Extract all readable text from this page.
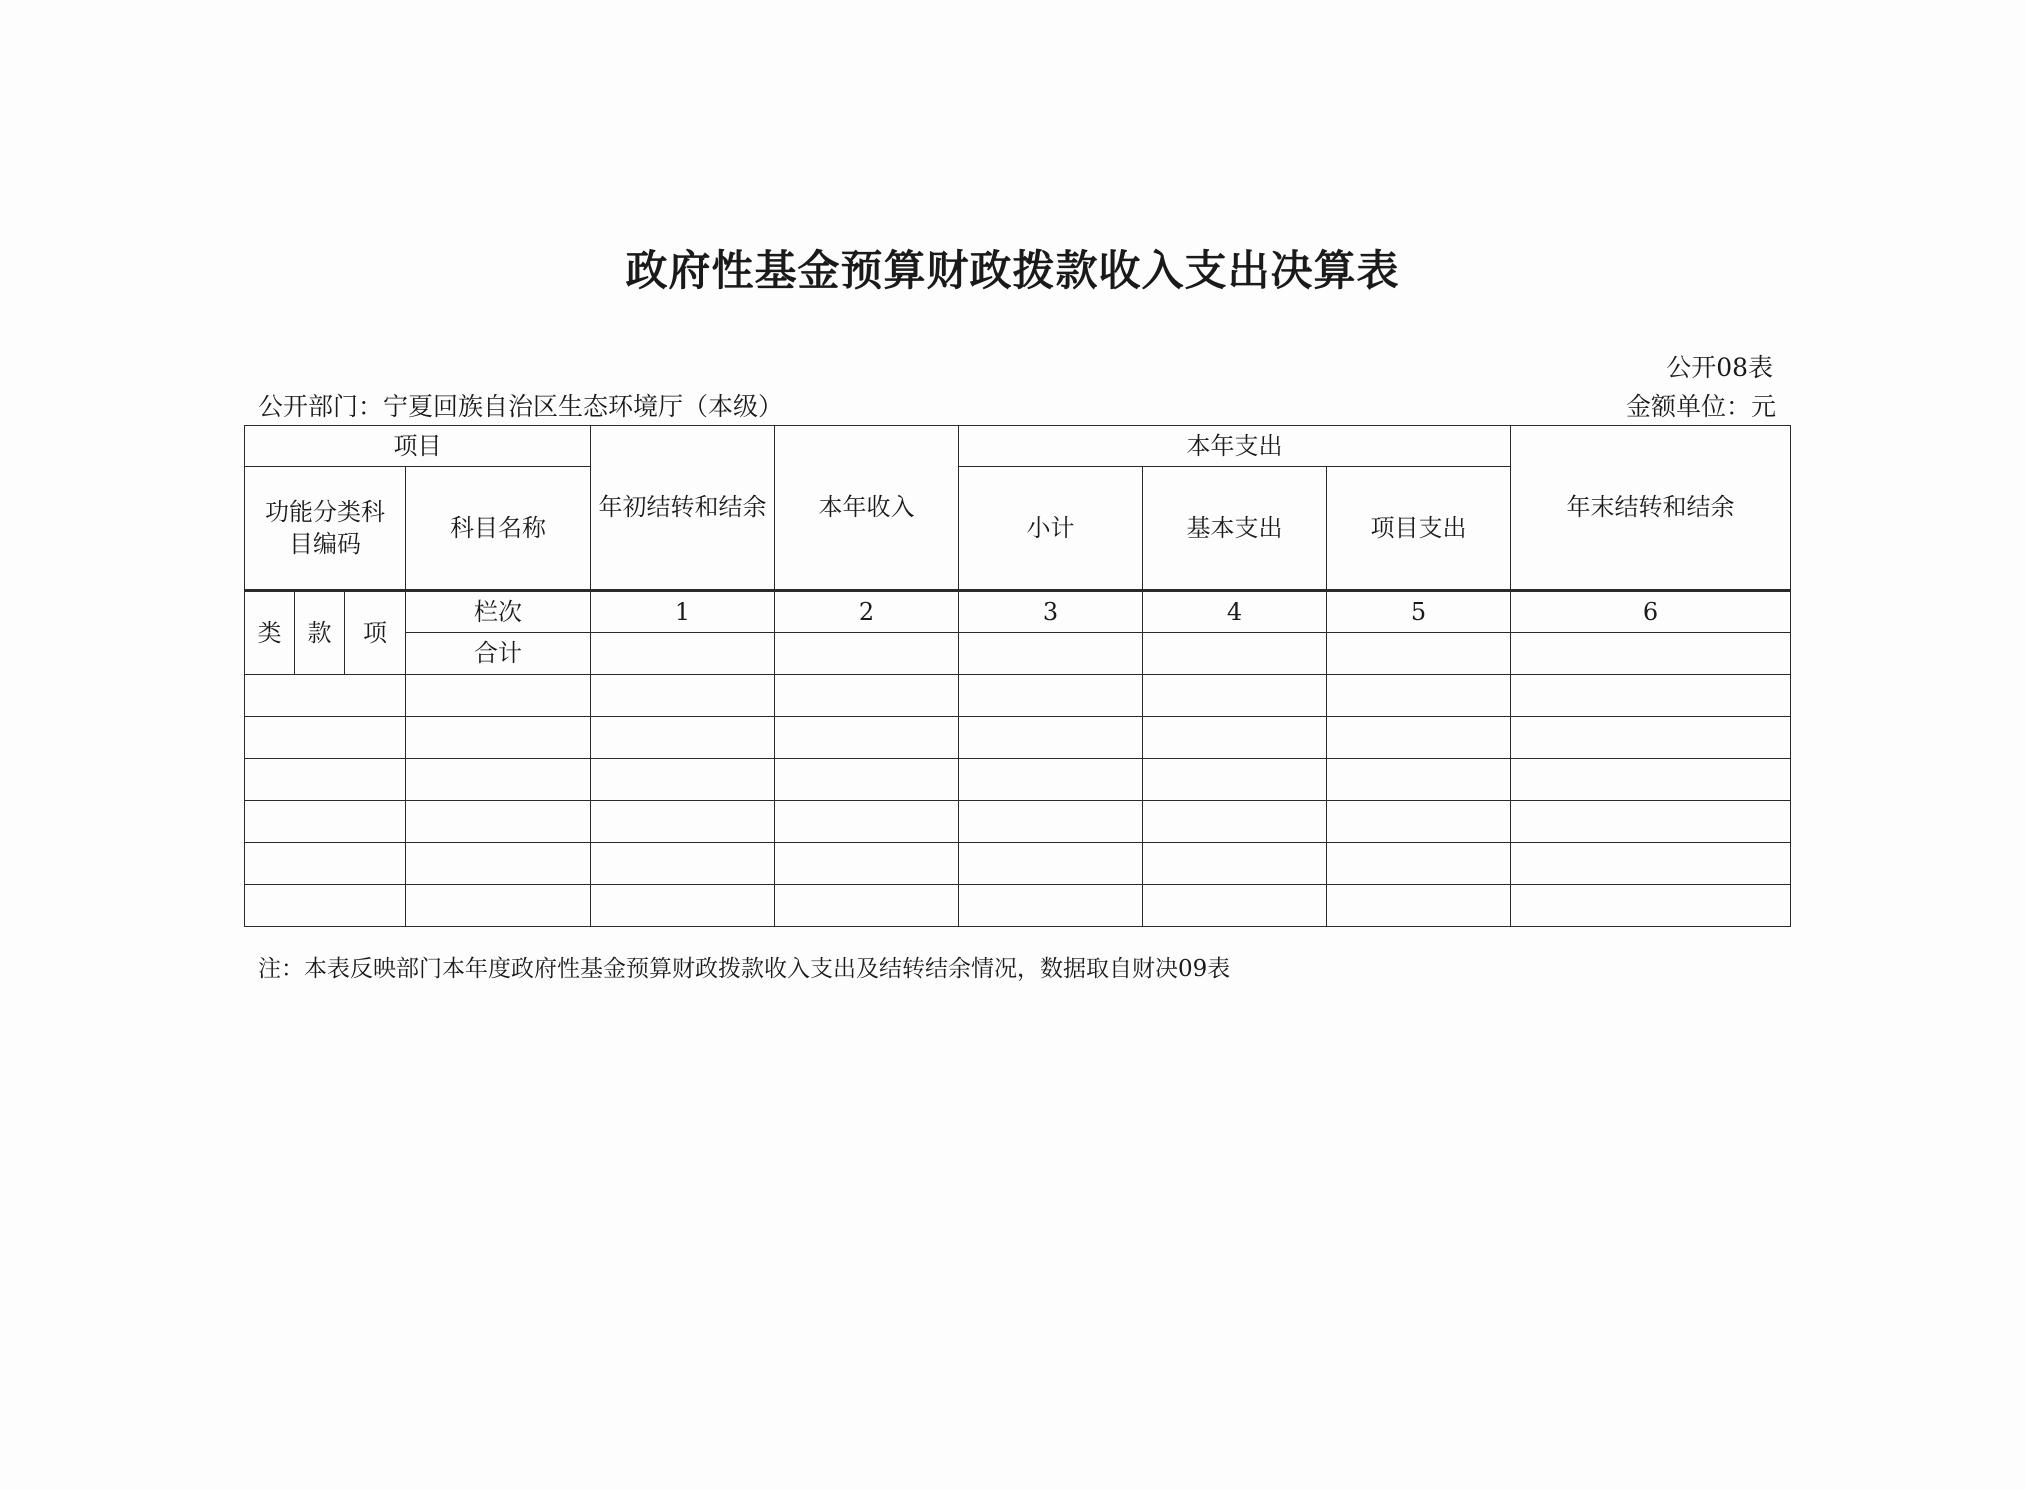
政府性基金预算财政拨款收入支出决算表
公开08表
金额单位：元
公开部门：宁夏回族自治区生态环境厅（本级）
项目				年初结转和结余	本年收入	本年支出			年末结转和结余
功能分类科目编码			科目名称			小计	基本支出	项目支出	
类	款	项	栏次	1	2	3	4	5	6
			合计						

注：本表反映部门本年度政府性基金预算财政拨款收入支出及结转结余情况，数据取自财决09表
